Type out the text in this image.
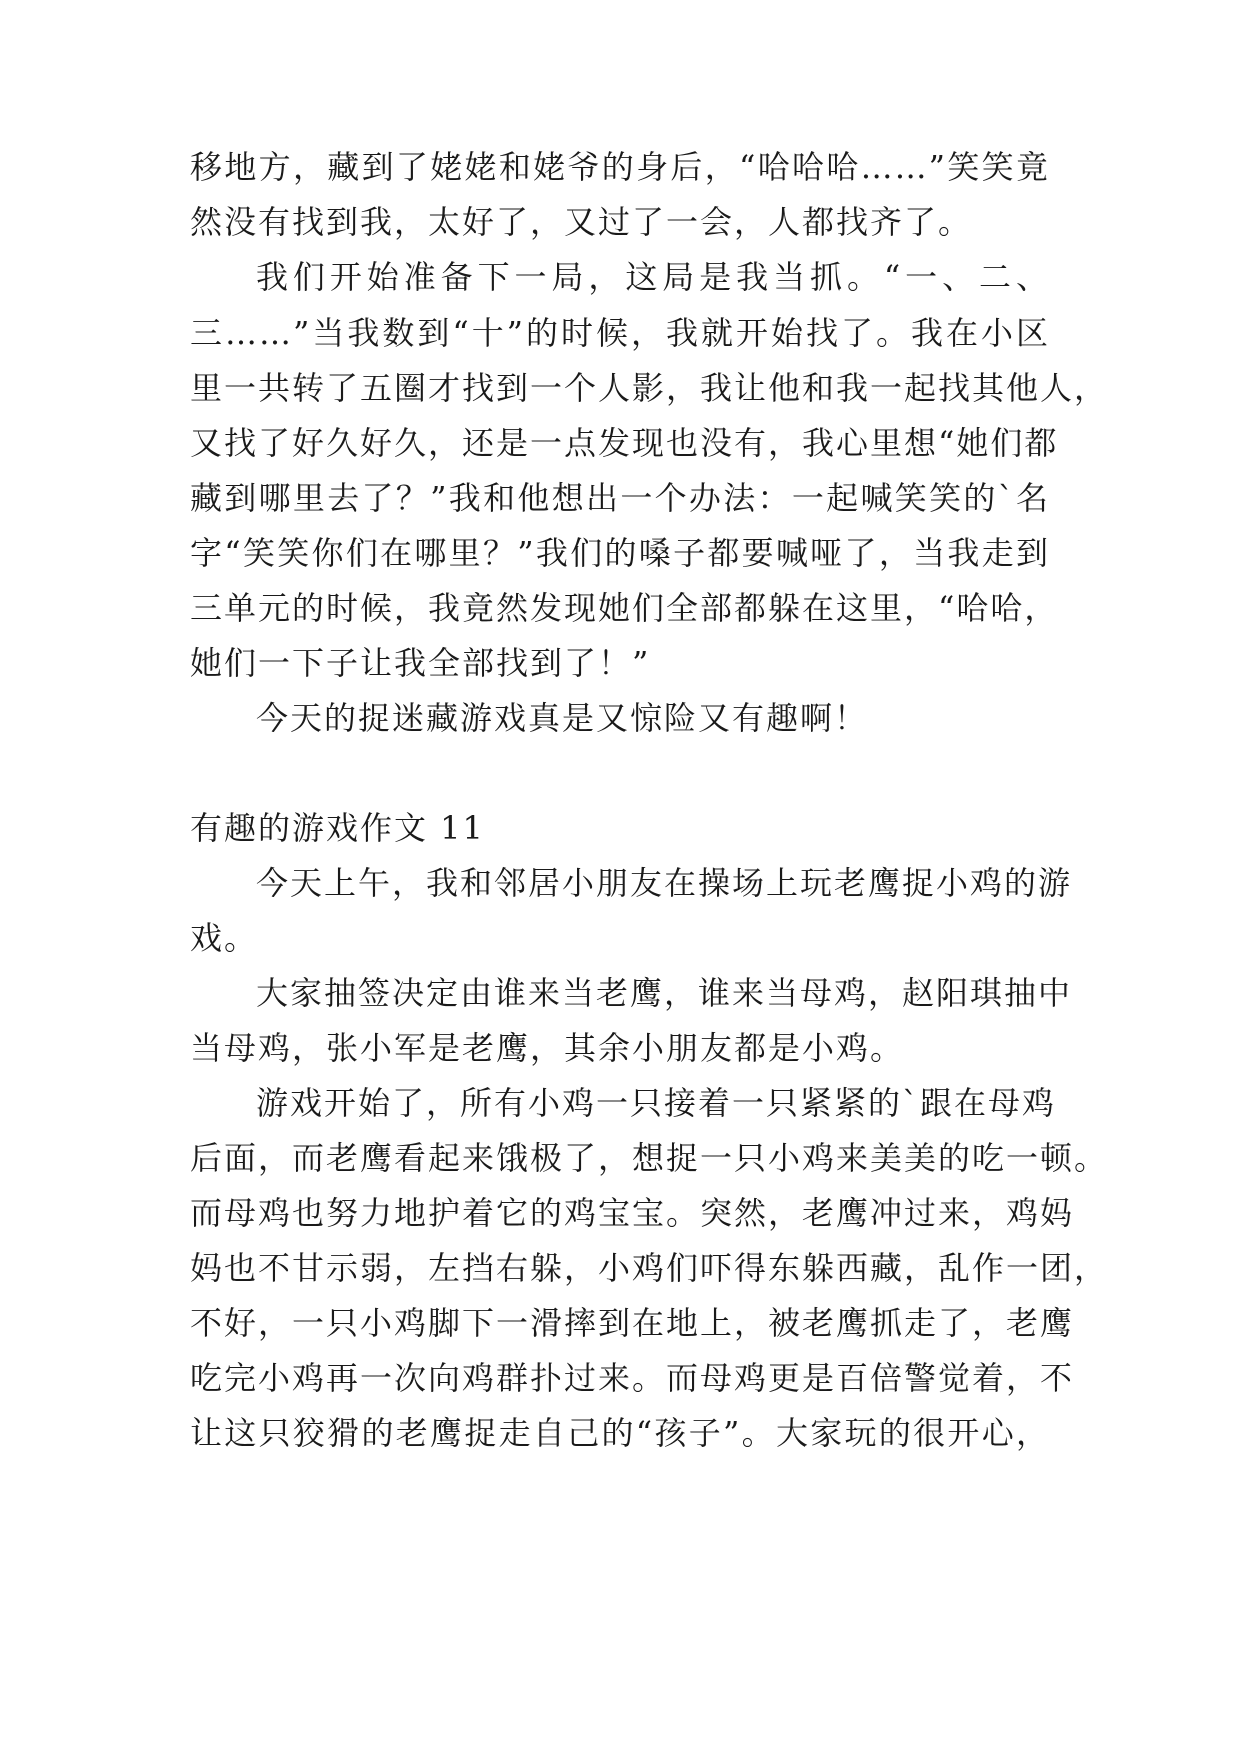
移地方，藏到了姥姥和姥爷的身后，“哈哈哈……”笑笑竟
然没有找到我，太好了，又过了一会，人都找齐了。
我们开始准备下一局，这局是我当抓。“一、二、
三……”当我数到“十”的时候，我就开始找了。我在小区
里一共转了五圈才找到一个人影，我让他和我一起找其他人，
又找了好久好久，还是一点发现也没有，我心里想“她们都
藏到哪里去了？”我和他想出一个办法：一起喊笑笑的`名
字“笑笑你们在哪里？”我们的嗓子都要喊哑了，当我走到
三单元的时候，我竟然发现她们全部都躲在这里，“哈哈，
她们一下子让我全部找到了！”
今天的捉迷藏游戏真是又惊险又有趣啊！
有趣的游戏作文 11
今天上午，我和邻居小朋友在操场上玩老鹰捉小鸡的游
戏。
大家抽签决定由谁来当老鹰，谁来当母鸡，赵阳琪抽中
当母鸡，张小军是老鹰，其余小朋友都是小鸡。
游戏开始了，所有小鸡一只接着一只紧紧的`跟在母鸡
后面，而老鹰看起来饿极了，想捉一只小鸡来美美的吃一顿。
而母鸡也努力地护着它的鸡宝宝。突然，老鹰冲过来，鸡妈
妈也不甘示弱，左挡右躲，小鸡们吓得东躲西藏，乱作一团，
不好，一只小鸡脚下一滑摔到在地上，被老鹰抓走了，老鹰
吃完小鸡再一次向鸡群扑过来。而母鸡更是百倍警觉着，不
让这只狡猾的老鹰捉走自己的“孩子”。大家玩的很开心，
